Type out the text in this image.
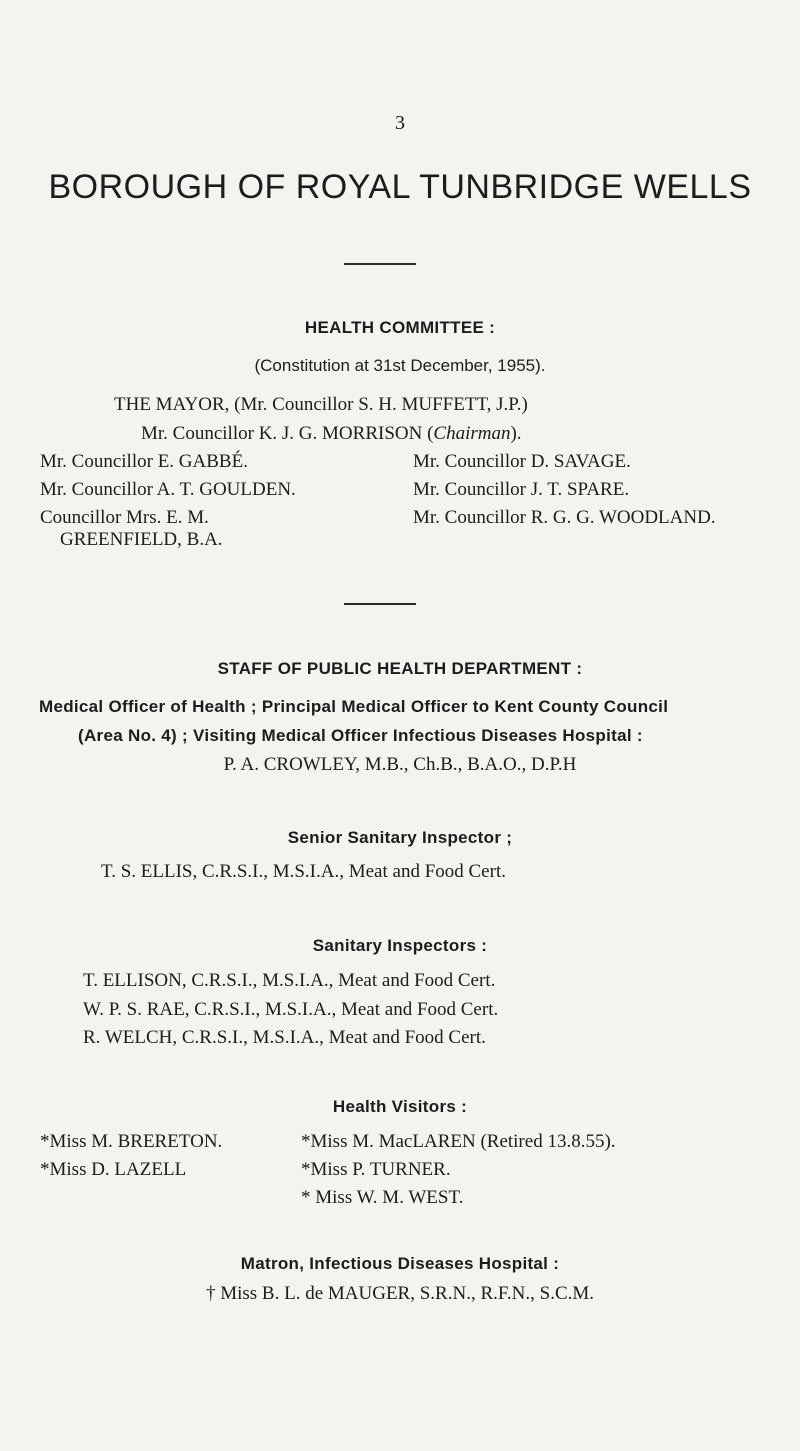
3
BOROUGH OF ROYAL TUNBRIDGE WELLS
HEALTH COMMITTEE :
(Constitution at 31st December, 1955).
THE MAYOR, (Mr. Councillor S. H. MUFFETT, J.P.)
Mr. Councillor K. J. G. MORRISON (Chairman).
Mr. Councillor E. GABBÉ.
Mr. Councillor A. T. GOULDEN.
Councillor Mrs. E. M.
GREENFIELD, B.A.
Mr. Councillor D. SAVAGE.
Mr. Councillor J. T. SPARE.
Mr. Councillor R. G. G. WOODLAND.
STAFF OF PUBLIC HEALTH DEPARTMENT :
Medical Officer of Health ; Principal Medical Officer to Kent County Council
(Area No. 4) ; Visiting Medical Officer Infectious Diseases Hospital :
P. A. CROWLEY, M.B., Ch.B., B.A.O., D.P.H
Senior Sanitary Inspector ;
T. S. ELLIS, C.R.S.I., M.S.I.A., Meat and Food Cert.
Sanitary Inspectors :
T. ELLISON, C.R.S.I., M.S.I.A., Meat and Food Cert.
W. P. S. RAE, C.R.S.I., M.S.I.A., Meat and Food Cert.
R. WELCH, C.R.S.I., M.S.I.A., Meat and Food Cert.
Health Visitors :
*Miss M. BRERETON.
*Miss D. LAZELL
*Miss M. MacLAREN (Retired 13.8.55).
*Miss P. TURNER.
* Miss W. M. WEST.
Matron, Infectious Diseases Hospital :
† Miss B. L. de MAUGER, S.R.N., R.F.N., S.C.M.
